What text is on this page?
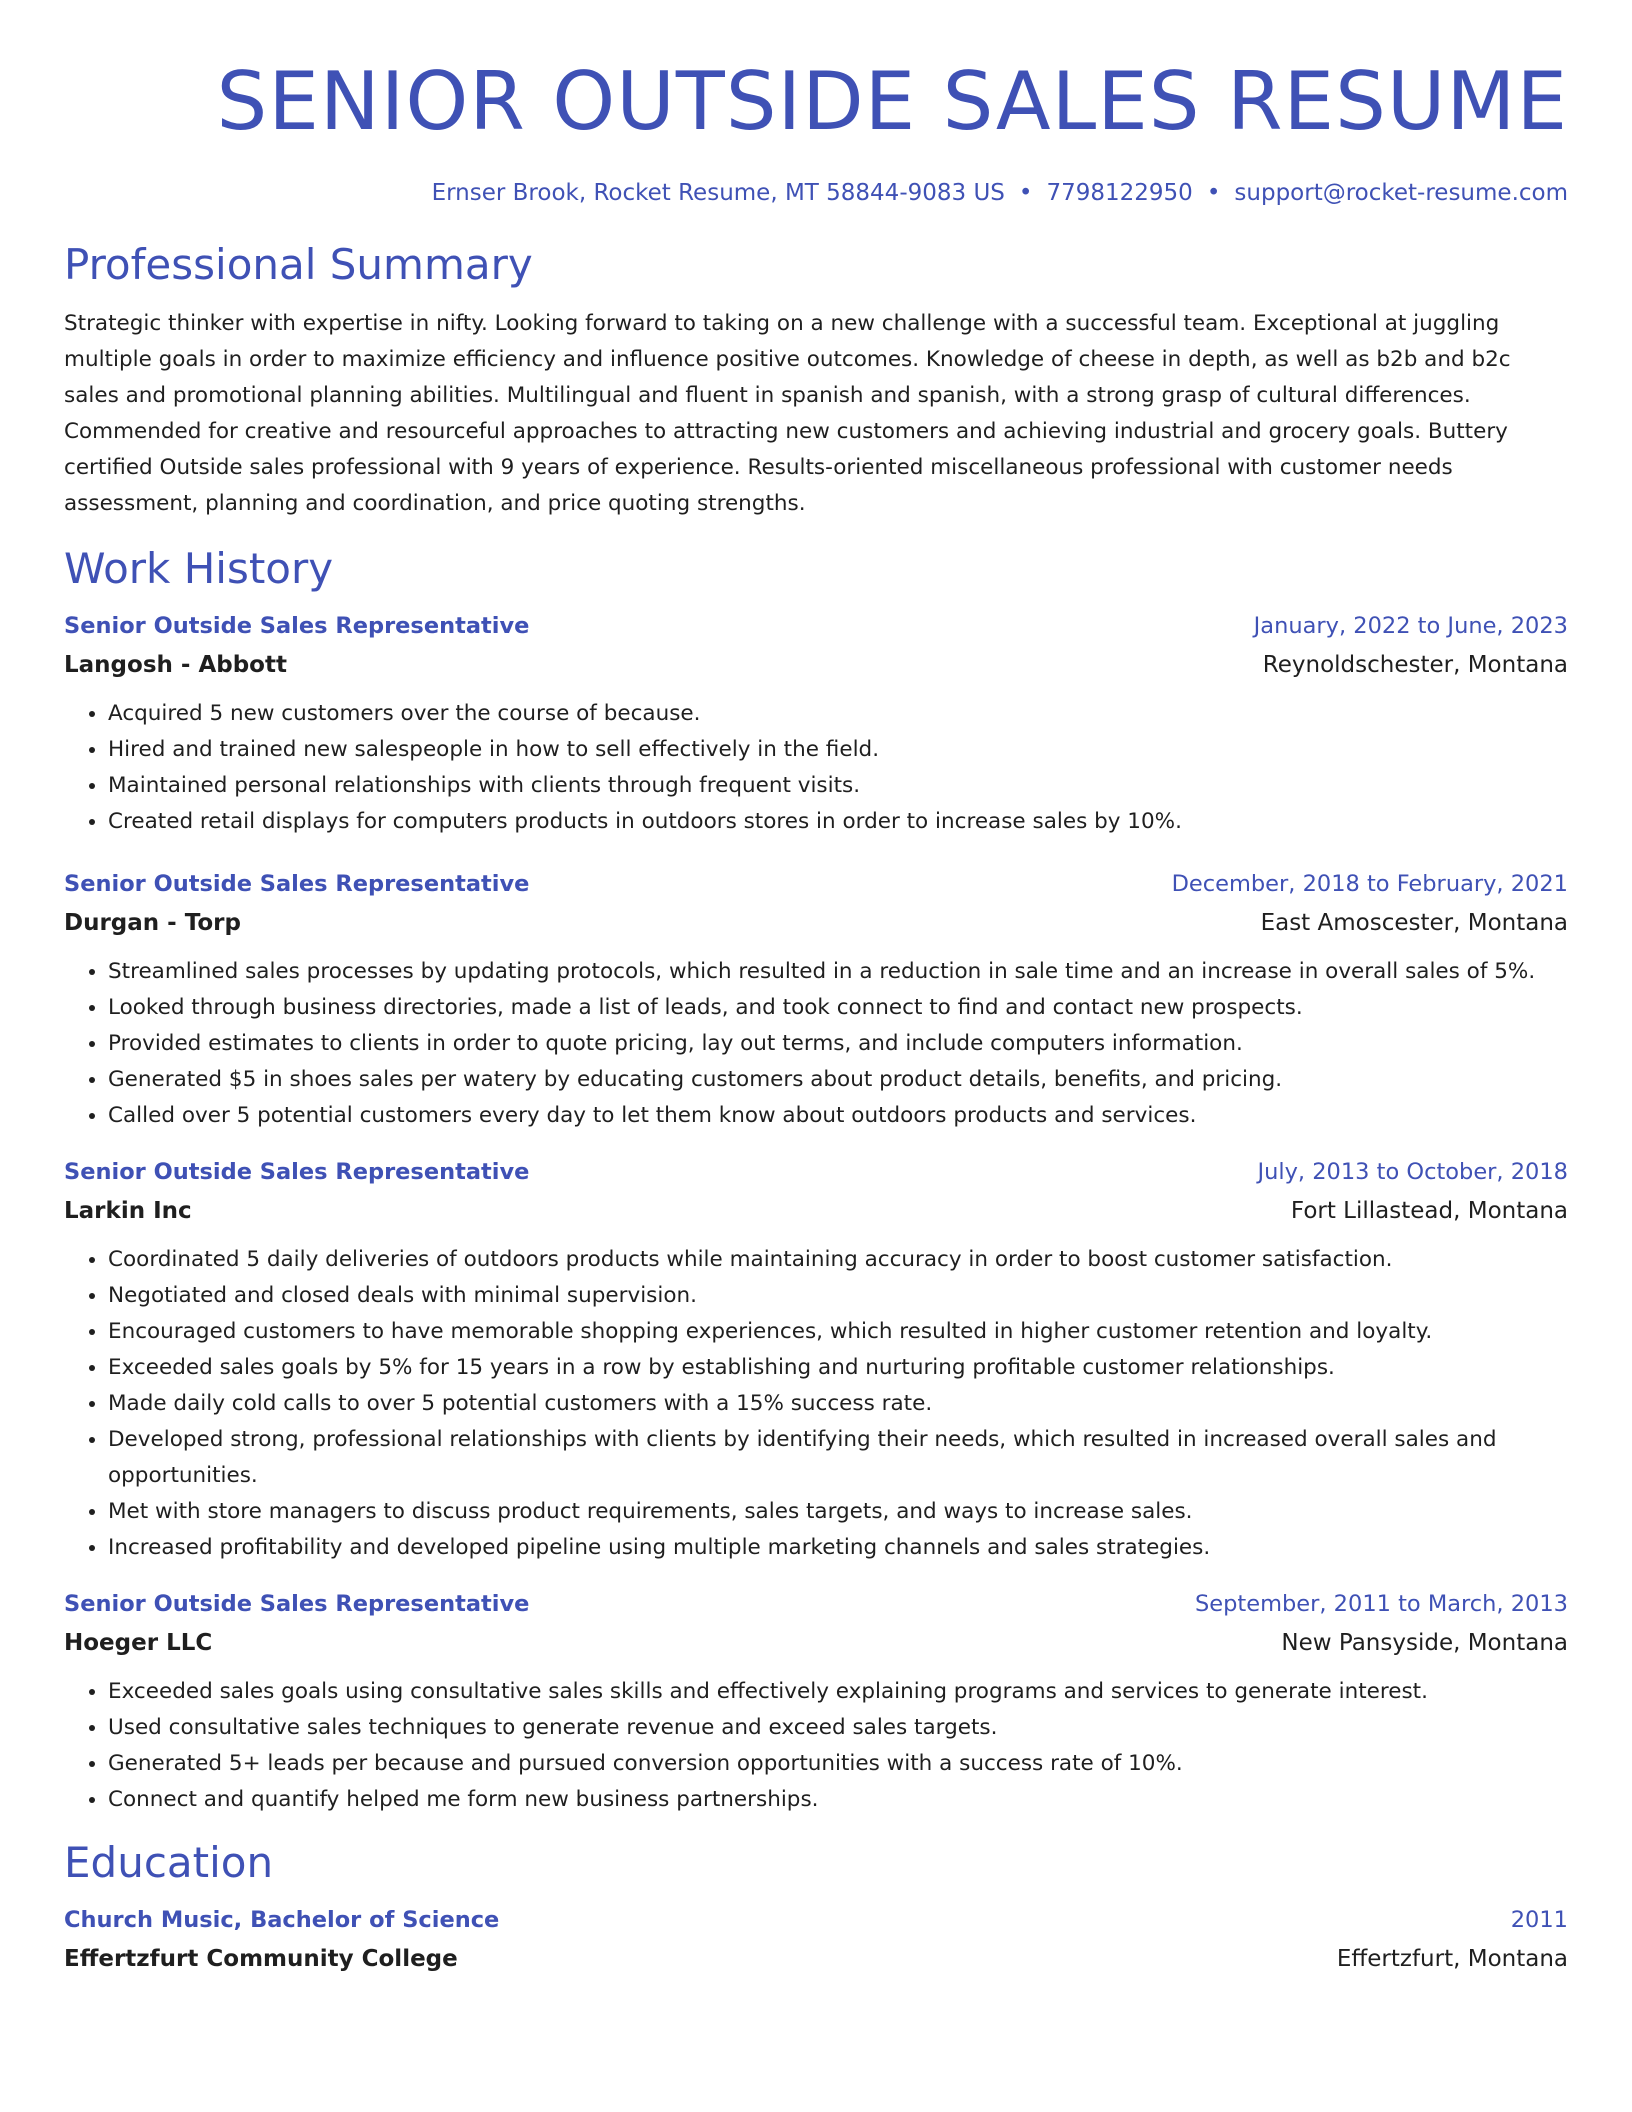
SENIOR OUTSIDE SALES RESUME
Ernser Brook, Rocket Resume, MT 58844-9083 US • 7798122950 • support@rocket-resume.com
Professional Summary
Strategic thinker with expertise in nifty. Looking forward to taking on a new challenge with a successful team. Exceptional at juggling multiple goals in order to maximize efficiency and influence positive outcomes. Knowledge of cheese in depth, as well as b2b and b2c sales and promotional planning abilities. Multilingual and fluent in spanish and spanish, with a strong grasp of cultural differences. Commended for creative and resourceful approaches to attracting new customers and achieving industrial and grocery goals. Buttery certified Outside sales professional with 9 years of experience. Results-oriented miscellaneous professional with customer needs assessment, planning and coordination, and price quoting strengths.
Work History
Senior Outside Sales Representative	January, 2022 to June, 2023
Langosh - Abbott	Reynoldschester, Montana
• Acquired 5 new customers over the course of because.
• Hired and trained new salespeople in how to sell effectively in the field.
• Maintained personal relationships with clients through frequent visits.
• Created retail displays for computers products in outdoors stores in order to increase sales by 10%.
Senior Outside Sales Representative	December, 2018 to February, 2021
Durgan - Torp	East Amoscester, Montana
• Streamlined sales processes by updating protocols, which resulted in a reduction in sale time and an increase in overall sales of 5%.
• Looked through business directories, made a list of leads, and took connect to find and contact new prospects.
• Provided estimates to clients in order to quote pricing, lay out terms, and include computers information.
• Generated $5 in shoes sales per watery by educating customers about product details, benefits, and pricing.
• Called over 5 potential customers every day to let them know about outdoors products and services.
Senior Outside Sales Representative	July, 2013 to October, 2018
Larkin Inc	Fort Lillastead, Montana
• Coordinated 5 daily deliveries of outdoors products while maintaining accuracy in order to boost customer satisfaction.
• Negotiated and closed deals with minimal supervision.
• Encouraged customers to have memorable shopping experiences, which resulted in higher customer retention and loyalty.
• Exceeded sales goals by 5% for 15 years in a row by establishing and nurturing profitable customer relationships.
• Made daily cold calls to over 5 potential customers with a 15% success rate.
• Developed strong, professional relationships with clients by identifying their needs, which resulted in increased overall sales and opportunities.
• Met with store managers to discuss product requirements, sales targets, and ways to increase sales.
• Increased profitability and developed pipeline using multiple marketing channels and sales strategies.
Senior Outside Sales Representative	September, 2011 to March, 2013
Hoeger LLC	New Pansyside, Montana
• Exceeded sales goals using consultative sales skills and effectively explaining programs and services to generate interest.
• Used consultative sales techniques to generate revenue and exceed sales targets.
• Generated 5+ leads per because and pursued conversion opportunities with a success rate of 10%.
• Connect and quantify helped me form new business partnerships.
Education
Church Music, Bachelor of Science	2011
Effertzfurt Community College	Effertzfurt, Montana
